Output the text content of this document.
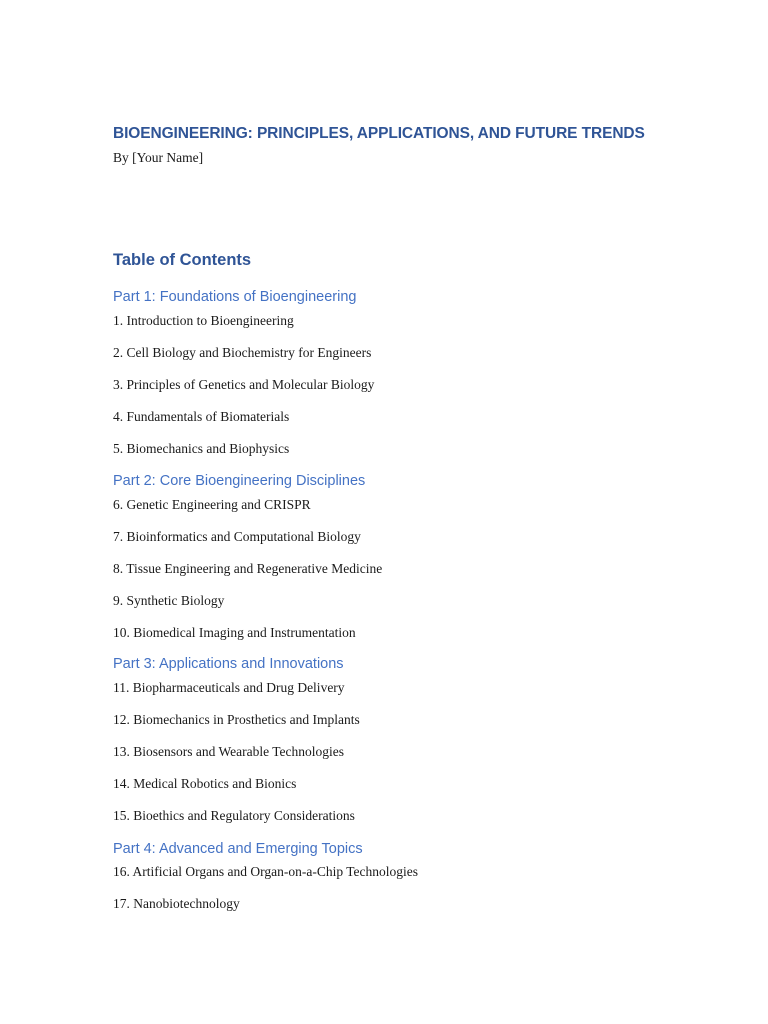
BIOENGINEERING: PRINCIPLES, APPLICATIONS, AND FUTURE TRENDS
By [Your Name]
Table of Contents
Part 1: Foundations of Bioengineering
1. Introduction to Bioengineering
2. Cell Biology and Biochemistry for Engineers
3. Principles of Genetics and Molecular Biology
4. Fundamentals of Biomaterials
5. Biomechanics and Biophysics
Part 2: Core Bioengineering Disciplines
6. Genetic Engineering and CRISPR
7. Bioinformatics and Computational Biology
8. Tissue Engineering and Regenerative Medicine
9. Synthetic Biology
10. Biomedical Imaging and Instrumentation
Part 3: Applications and Innovations
11. Biopharmaceuticals and Drug Delivery
12. Biomechanics in Prosthetics and Implants
13. Biosensors and Wearable Technologies
14. Medical Robotics and Bionics
15. Bioethics and Regulatory Considerations
Part 4: Advanced and Emerging Topics
16. Artificial Organs and Organ-on-a-Chip Technologies
17. Nanobiotechnology
